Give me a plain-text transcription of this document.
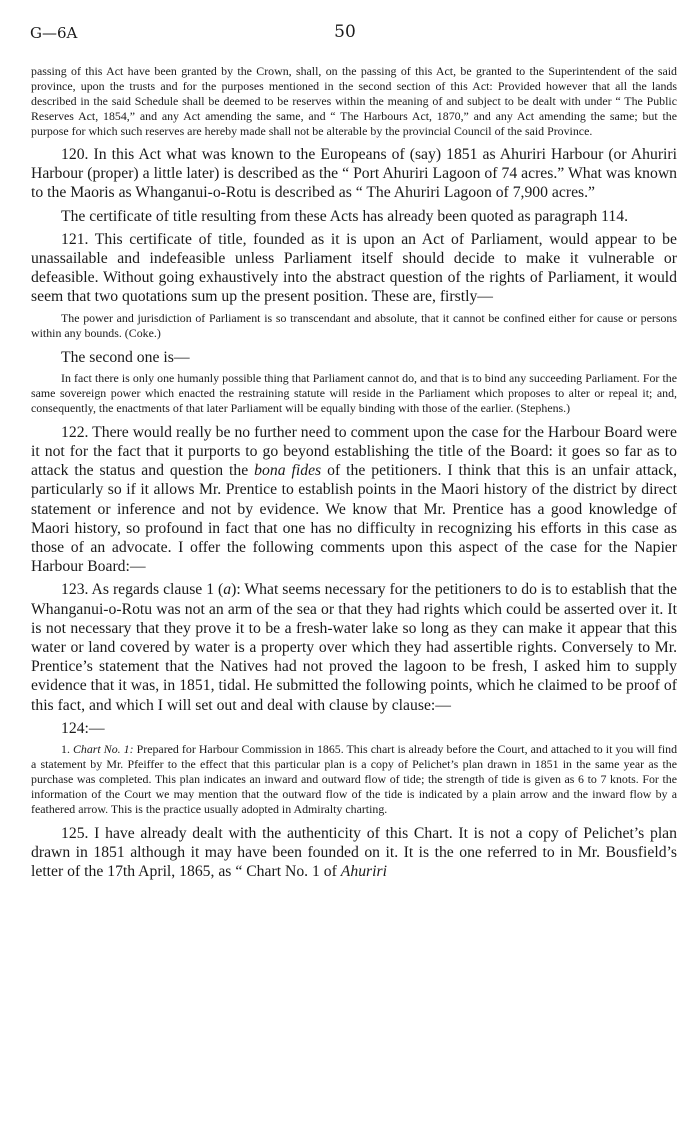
G—6A	50

passing of this Act have been granted by the Crown, shall, on the passing of this Act, be granted to the Superintendent of the said province, upon the trusts and for the purposes mentioned in the second section of this Act: Provided however that all the lands described in the said Schedule shall be deemed to be reserves within the meaning of and subject to be dealt with under “ The Public Reserves Act, 1854,” and any Act amending the same, and “ The Harbours Act, 1870,” and any Act amending the same; but the purpose for which such reserves are hereby made shall not be alterable by the provincial Council of the said Province.

120. In this Act what was known to the Europeans of (say) 1851 as Ahuriri Harbour (or Ahuriri Harbour (proper) a little later) is described as the “ Port Ahuriri Lagoon of 74 acres.” What was known to the Maoris as Whanganui-o-Rotu is described as “ The Ahuriri Lagoon of 7,900 acres.”

The certificate of title resulting from these Acts has already been quoted as paragraph 114.

121. This certificate of title, founded as it is upon an Act of Parliament, would appear to be unassailable and indefeasible unless Parliament itself should decide to make it vulnerable or defeasible. Without going exhaustively into the abstract question of the rights of Parliament, it would seem that two quotations sum up the present position. These are, firstly—

The power and jurisdiction of Parliament is so transcendant and absolute, that it cannot be confined either for cause or persons within any bounds. (Coke.)

The second one is—

In fact there is only one humanly possible thing that Parliament cannot do, and that is to bind any succeeding Parliament. For the same sovereign power which enacted the restraining statute will reside in the Parliament which proposes to alter or repeal it; and, consequently, the enactments of that later Parliament will be equally binding with those of the earlier. (Stephens.)

122. There would really be no further need to comment upon the case for the Harbour Board were it not for the fact that it purports to go beyond establishing the title of the Board: it goes so far as to attack the status and question the bona fides of the petitioners. I think that this is an unfair attack, particularly so if it allows Mr. Prentice to establish points in the Maori history of the district by direct statement or inference and not by evidence. We know that Mr. Prentice has a good knowledge of Maori history, so profound in fact that one has no difficulty in recognizing his efforts in this case as those of an advocate. I offer the following comments upon this aspect of the case for the Napier Harbour Board:—

123. As regards clause 1 (a): What seems necessary for the petitioners to do is to establish that the Whanganui-o-Rotu was not an arm of the sea or that they had rights which could be asserted over it. It is not necessary that they prove it to be a fresh-water lake so long as they can make it appear that this water or land covered by water is a property over which they had assertible rights. Conversely to Mr. Prentice’s statement that the Natives had not proved the lagoon to be fresh, I asked him to supply evidence that it was, in 1851, tidal. He submitted the following points, which he claimed to be proof of this fact, and which I will set out and deal with clause by clause:—

124:—

1. Chart No. 1: Prepared for Harbour Commission in 1865. This chart is already before the Court, and attached to it you will find a statement by Mr. Pfeiffer to the effect that this particular plan is a copy of Pelichet’s plan drawn in 1851 in the same year as the purchase was completed. This plan indicates an inward and outward flow of tide; the strength of tide is given as 6 to 7 knots. For the information of the Court we may mention that the outward flow of the tide is indicated by a plain arrow and the inward flow by a feathered arrow. This is the practice usually adopted in Admiralty charting.

125. I have already dealt with the authenticity of this Chart. It is not a copy of Pelichet’s plan drawn in 1851 although it may have been founded on it. It is the one referred to in Mr. Bousfield’s letter of the 17th April, 1865, as “ Chart No. 1 of Ahuriri
